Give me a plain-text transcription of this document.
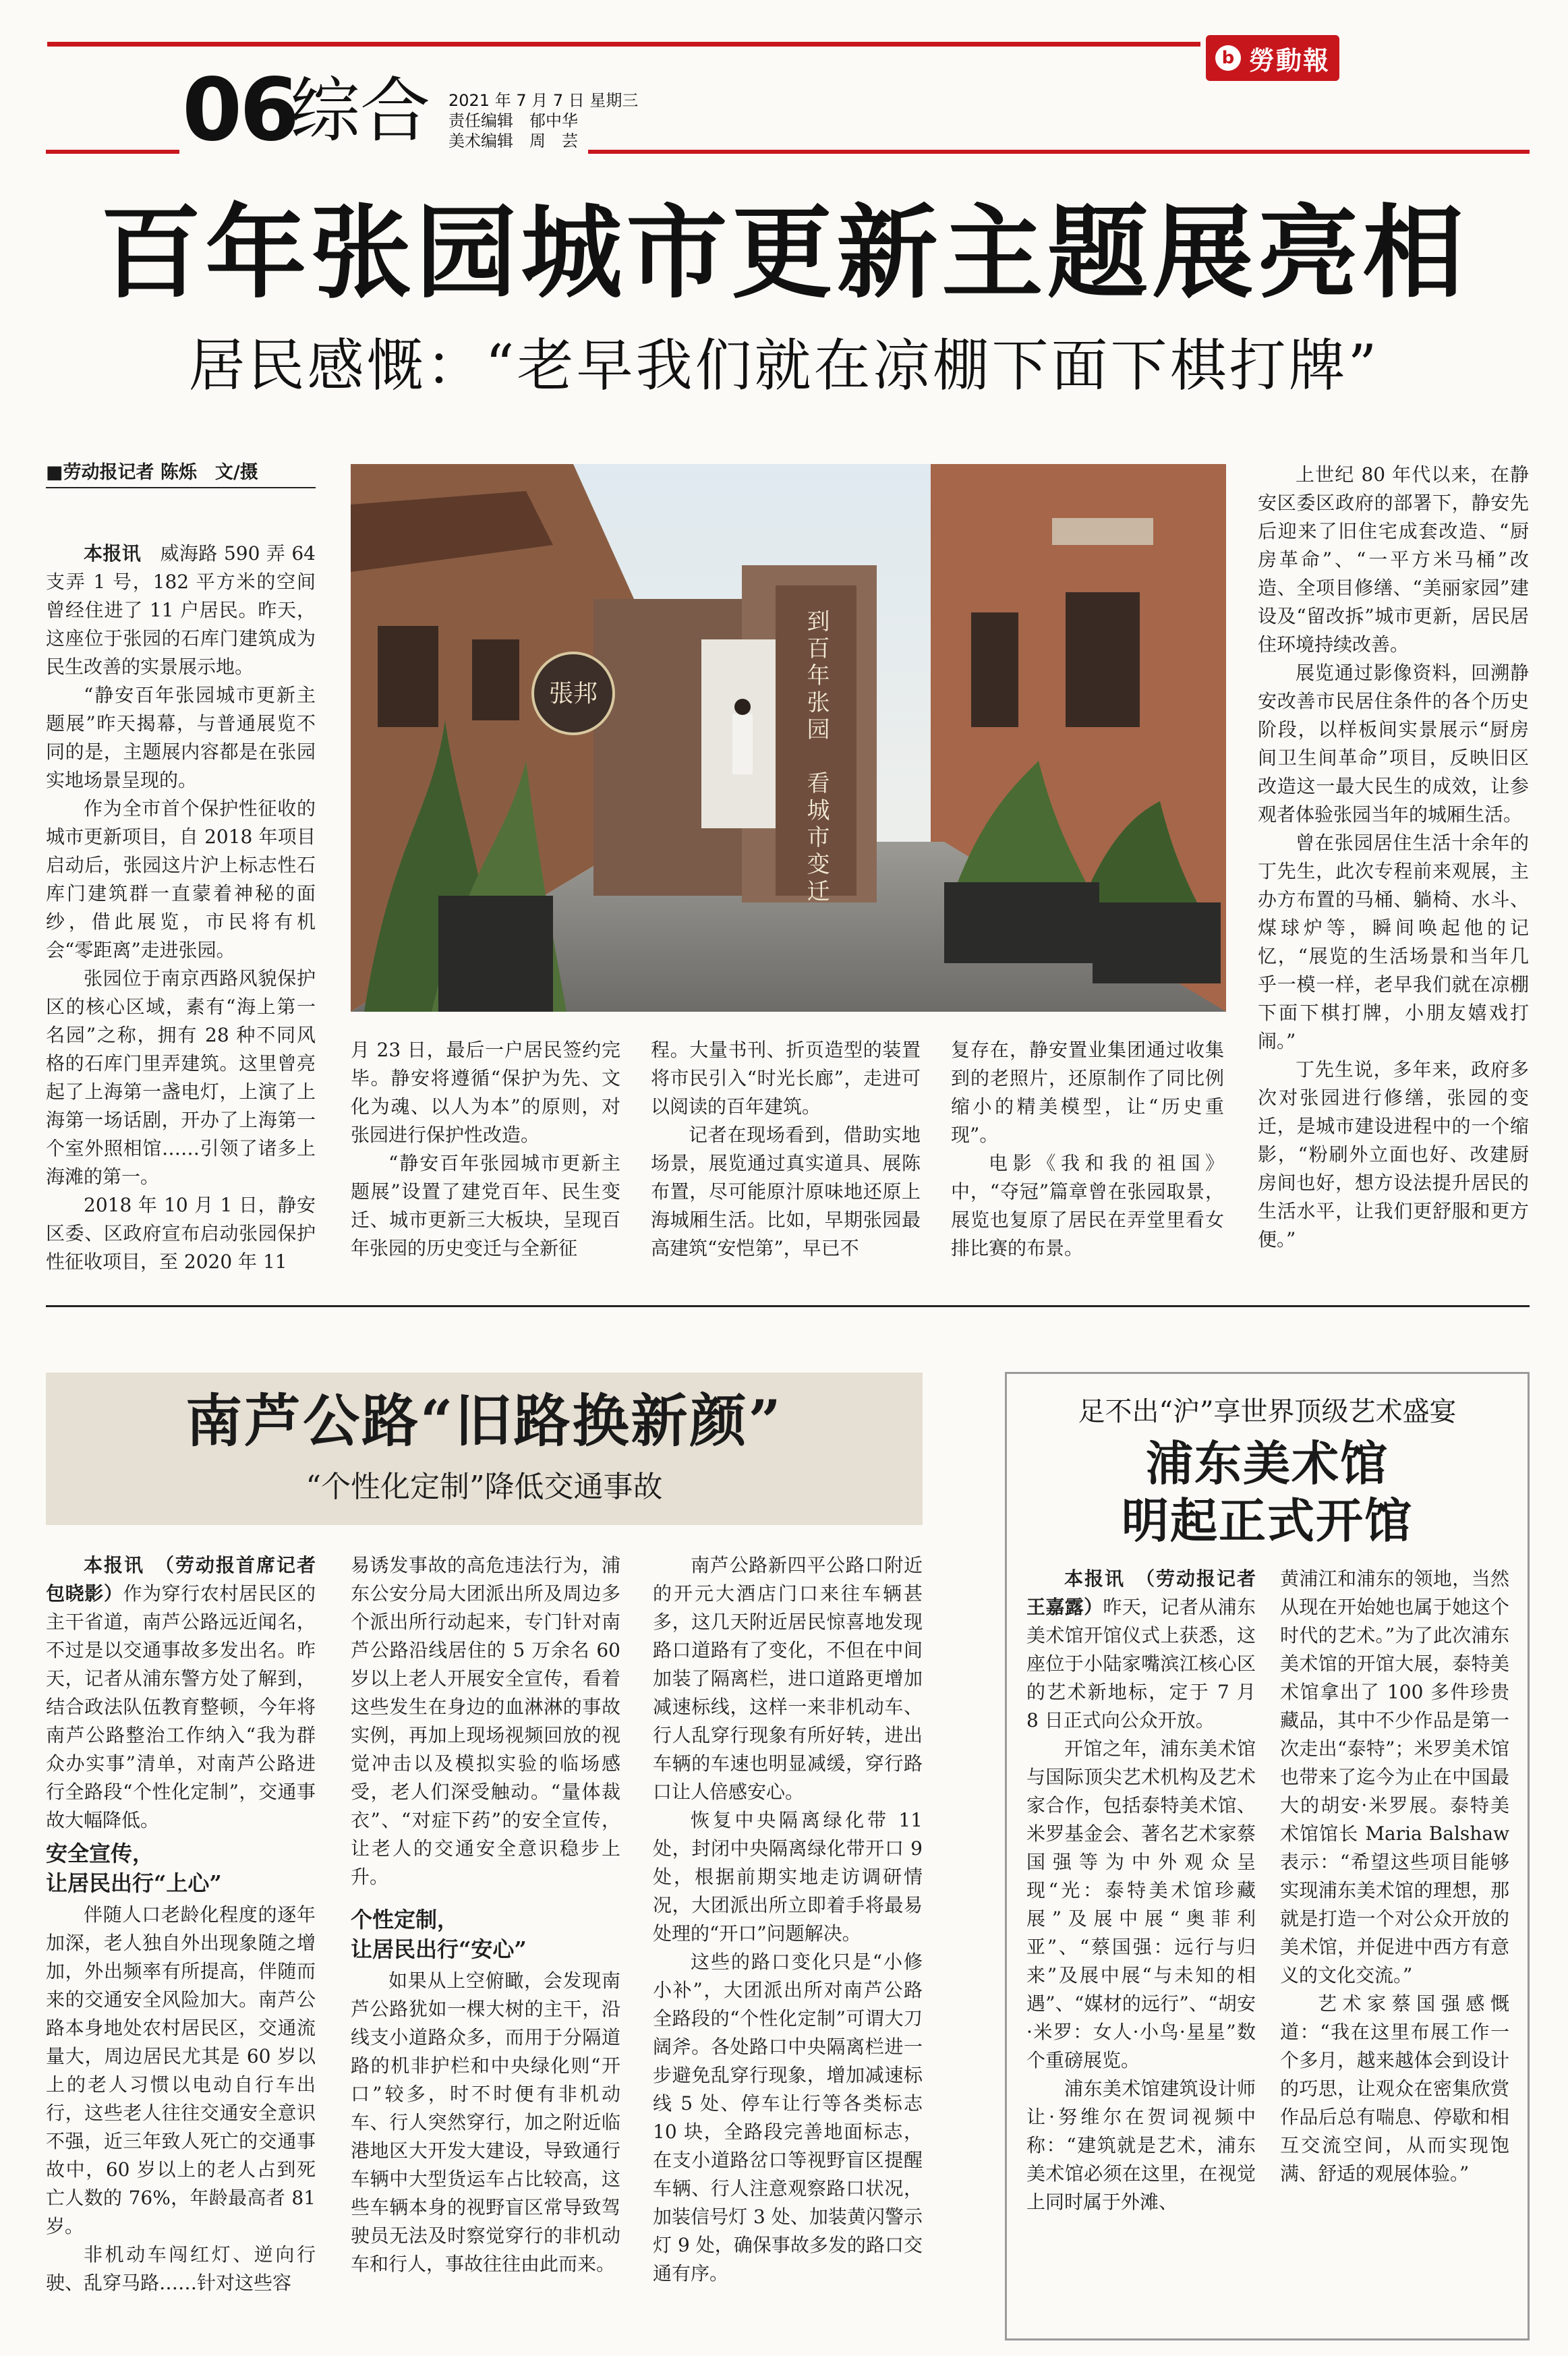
b 勞動報
06
综合 2021 年 7 月 7 日 星期三
责任编辑　郁中华
美术编辑　周　芸
百年张园城市更新主题展亮相
居民感慨：“老早我们就在凉棚下面下棋打牌”
■劳动报记者 陈烁　文/摄

本报讯　威海路 590 弄 64 支弄 1 号，182 平方米的空间曾经住进了 11 户居民。昨天，这座位于张园的石库门建筑成为民生改善的实景展示地。

“静安百年张园城市更新主题展”昨天揭幕，与普通展览不同的是，主题展内容都是在张园实地场景呈现的。

作为全市首个保护性征收的城市更新项目，自 2018 年项目启动后，张园这片沪上标志性石库门建筑群一直蒙着神秘的面纱，借此展览，市民将有机会“零距离”走进张园。

张园位于南京西路风貌保护区的核心区域，素有“海上第一名园”之称，拥有 28 种不同风格的石库门里弄建筑。这里曾亮起了上海第一盏电灯，上演了上海第一场话剧，开办了上海第一个室外照相馆……引领了诸多上海滩的第一。

2018 年 10 月 1 日，静安区委、区政府宣布启动张园保护性征收项目，至 2020 年 11

張邦	到百年张园　看城市变迁

月 23 日，最后一户居民签约完毕。静安将遵循“保护为先、文化为魂、以人为本”的原则，对张园进行保护性改造。

“静安百年张园城市更新主题展”设置了建党百年、民生变迁、城市更新三大板块，呈现百年张园的历史变迁与全新征

程。大量书刊、折页造型的装置将市民引入“时光长廊”，走进可以阅读的百年建筑。

记者在现场看到，借助实地场景，展览通过真实道具、展陈布置，尽可能原汁原味地还原上海城厢生活。比如，早期张园最高建筑“安恺第”，早已不

复存在，静安置业集团通过收集到的老照片，还原制作了同比例缩小的精美模型，让“历史重现”。

电影《我和我的祖国》中，“夺冠”篇章曾在张园取景，展览也复原了居民在弄堂里看女排比赛的布景。

上世纪 80 年代以来，在静安区委区政府的部署下，静安先后迎来了旧住宅成套改造、“厨房革命”、“一平方米马桶”改造、全项目修缮、“美丽家园”建设及“留改拆”城市更新，居民居住环境持续改善。

展览通过影像资料，回溯静安改善市民居住条件的各个历史阶段，以样板间实景展示“厨房间卫生间革命”项目，反映旧区改造这一最大民生的成效，让参观者体验张园当年的城厢生活。

曾在张园居住生活十余年的丁先生，此次专程前来观展，主办方布置的马桶、躺椅、水斗、煤球炉等，瞬间唤起他的记忆，“展览的生活场景和当年几乎一模一样，老早我们就在凉棚下面下棋打牌，小朋友嬉戏打闹。”

丁先生说，多年来，政府多次对张园进行修缮，张园的变迁，是城市建设进程中的一个缩影，“粉刷外立面也好、改建厨房间也好，想方设法提升居民的生活水平，让我们更舒服和更方便。”

南芦公路“旧路换新颜”
“个性化定制”降低交通事故

本报讯　（劳动报首席记者 包晓影）作为穿行农村居民区的主干省道，南芦公路远近闻名，不过是以交通事故多发出名。昨天，记者从浦东警方处了解到，结合政法队伍教育整顿，今年将南芦公路整治工作纳入“我为群众办实事”清单，对南芦公路进行全路段“个性化定制”，交通事故大幅降低。

安全宣传，
让居民出行“上心”

伴随人口老龄化程度的逐年加深，老人独自外出现象随之增加，外出频率有所提高，伴随而来的交通安全风险加大。南芦公路本身地处农村居民区，交通流量大，周边居民尤其是 60 岁以上的老人习惯以电动自行车出行，这些老人往往交通安全意识不强，近三年致人死亡的交通事故中，60 岁以上的老人占到死亡人数的 76%，年龄最高者 81 岁。

非机动车闯红灯、逆向行驶、乱穿马路……针对这些容

易诱发事故的高危违法行为，浦东公安分局大团派出所及周边多个派出所行动起来，专门针对南芦公路沿线居住的 5 万余名 60 岁以上老人开展安全宣传，看着这些发生在身边的血淋淋的事故实例，再加上现场视频回放的视觉冲击以及模拟实验的临场感受，老人们深受触动。“量体裁衣”、“对症下药”的安全宣传，让老人的交通安全意识稳步上升。

个性定制，
让居民出行“安心”

如果从上空俯瞰，会发现南芦公路犹如一棵大树的主干，沿线支小道路众多，而用于分隔道路的机非护栏和中央绿化则“开口”较多，时不时便有非机动车、行人突然穿行，加之附近临港地区大开发大建设，导致通行车辆中大型货运车占比较高，这些车辆本身的视野盲区常导致驾驶员无法及时察觉穿行的非机动车和行人，事故往往由此而来。

南芦公路新四平公路口附近的开元大酒店门口来往车辆甚多，这几天附近居民惊喜地发现路口道路有了变化，不但在中间加装了隔离栏，进口道路更增加减速标线，这样一来非机动车、行人乱穿行现象有所好转，进出车辆的车速也明显减缓，穿行路口让人倍感安心。

恢复中央隔离绿化带 11 处，封闭中央隔离绿化带开口 9 处，根据前期实地走访调研情况，大团派出所立即着手将最易处理的“开口”问题解决。

这些的路口变化只是“小修小补”，大团派出所对南芦公路全路段的“个性化定制”可谓大刀阔斧。各处路口中央隔离栏进一步避免乱穿行现象，增加减速标线 5 处、停车让行等各类标志 10 块，全路段完善地面标志，在支小道路岔口等视野盲区提醒车辆、行人注意观察路口状况，加装信号灯 3 处、加装黄闪警示灯 9 处，确保事故多发的路口交通有序。

足不出“沪”享世界顶级艺术盛宴
浦东美术馆
明起正式开馆

本报讯　（劳动报记者 王嘉露）昨天，记者从浦东美术馆开馆仪式上获悉，这座位于小陆家嘴滨江核心区的艺术新地标，定于 7 月 8 日正式向公众开放。

开馆之年，浦东美术馆与国际顶尖艺术机构及艺术家合作，包括泰特美术馆、米罗基金会、著名艺术家蔡国强等为中外观众呈现“光：泰特美术馆珍藏展”及展中展“奥菲利亚”、“蔡国强：远行与归来”及展中展“与未知的相遇”、“媒材的远行”、“胡安·米罗：女人·小鸟·星星”数个重磅展览。

浦东美术馆建筑设计师让·努维尔在贺词视频中称：“建筑就是艺术，浦东美术馆必须在这里，在视觉上同时属于外滩、

黄浦江和浦东的领地，当然从现在开始她也属于她这个时代的艺术。”为了此次浦东美术馆的开馆大展，泰特美术馆拿出了 100 多件珍贵藏品，其中不少作品是第一次走出“泰特”；米罗美术馆也带来了迄今为止在中国最大的胡安·米罗展。泰特美术馆馆长 Maria Balshaw 表示：“希望这些项目能够实现浦东美术馆的理想，那就是打造一个对公众开放的美术馆，并促进中西方有意义的文化交流。”

艺术家蔡国强感慨道：“我在这里布展工作一个多月，越来越体会到设计的巧思，让观众在密集欣赏作品后总有喘息、停歇和相互交流空间，从而实现饱满、舒适的观展体验。”
